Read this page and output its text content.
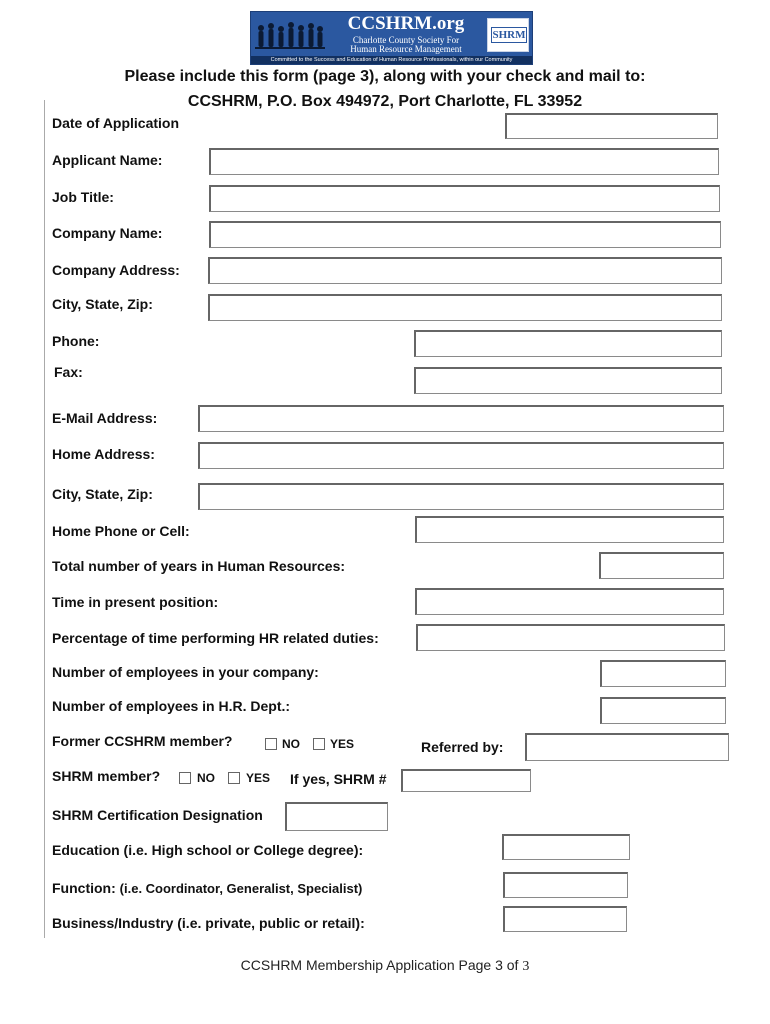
CCSHRM.org
Charlotte County Society For
Human Resource Management
SHRM
Committed to the Success and Education of Human Resource Professionals, within our Community
Please include this form (page 3), along with your check and mail to:
CCSHRM, P.O. Box 494972, Port Charlotte, FL 33952
Date of Application
Applicant Name:
Job Title:
Company Name:
Company Address:
City, State, Zip:
Phone:
Fax:
E-Mail Address:
Home Address:
City, State, Zip:
Home Phone or Cell:
Total number of years in Human Resources:
Time in present position:
Percentage of time performing HR related duties:
Number of employees in your company:
Number of employees in H.R. Dept.:
Former CCSHRM member?	NO	YES	Referred by:
SHRM member?	NO	YES If yes, SHRM #
SHRM Certification Designation
Education (i.e. High school or College degree):
Function: (i.e. Coordinator, Generalist, Specialist)
Business/Industry (i.e. private, public or retail):
CCSHRM Membership Application Page 3 of 3
